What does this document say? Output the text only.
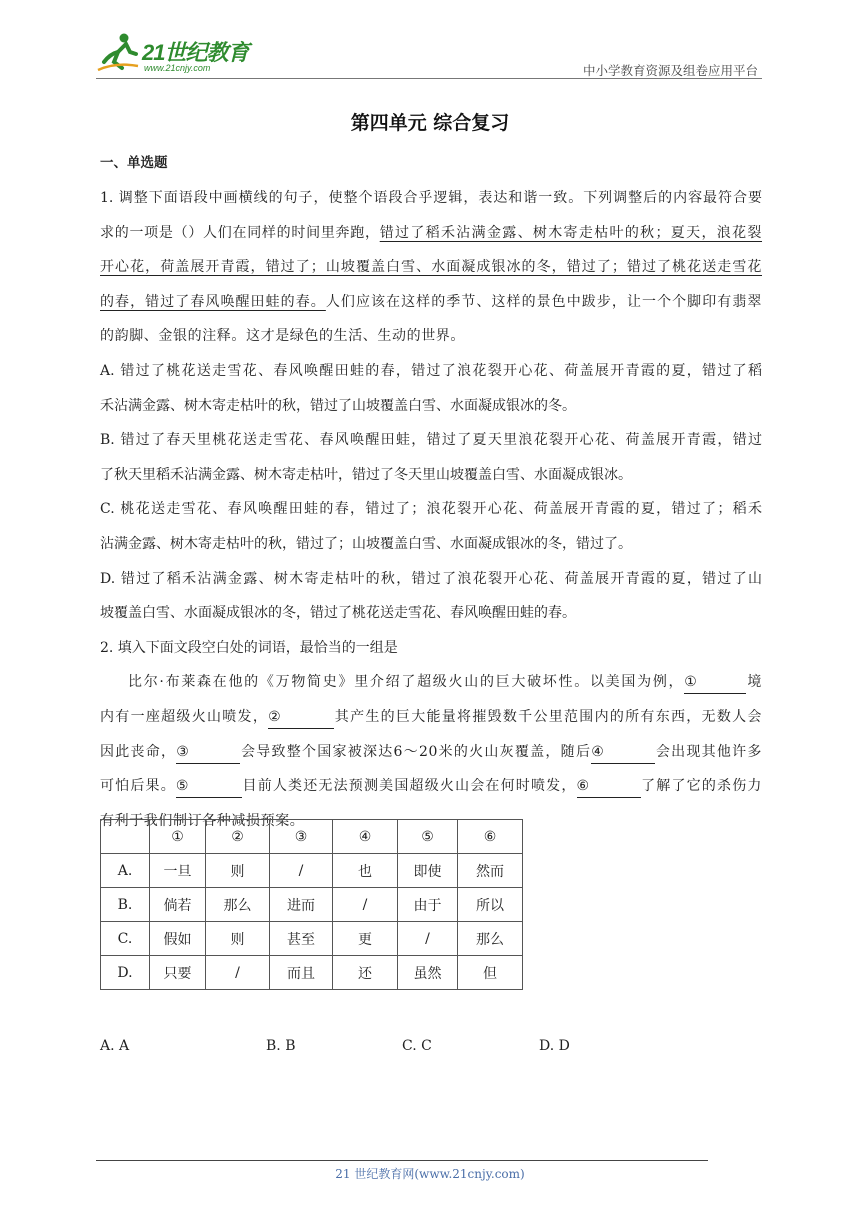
21世纪教育
www.21cnjy.com	中小学教育资源及组卷应用平台
第四单元 综合复习
一、单选题
1. 调整下面语段中画横线的句子，使整个语段合乎逻辑，表达和谐一致。下列调整后的内容最符合要
求的一项是（）人们在同样的时间里奔跑，错过了稻禾沾满金露、树木寄走枯叶的秋；夏天，浪花裂
开心花，荷盖展开青霞，错过了；山坡覆盖白雪、水面凝成银冰的冬，错过了；错过了桃花送走雪花
的春，错过了春风唤醒田蛙的春。人们应该在这样的季节、这样的景色中跋步，让一个个脚印有翡翠
的韵脚、金银的注释。这才是绿色的生活、生动的世界。
A. 错过了桃花送走雪花、春风唤醒田蛙的春，错过了浪花裂开心花、荷盖展开青霞的夏，错过了稻
禾沾满金露、树木寄走枯叶的秋，错过了山坡覆盖白雪、水面凝成银冰的冬。
B. 错过了春天里桃花送走雪花、春风唤醒田蛙，错过了夏天里浪花裂开心花、荷盖展开青霞，错过
了秋天里稻禾沾满金露、树木寄走枯叶，错过了冬天里山坡覆盖白雪、水面凝成银冰。
C. 桃花送走雪花、春风唤醒田蛙的春，错过了；浪花裂开心花、荷盖展开青霞的夏，错过了；稻禾
沾满金露、树木寄走枯叶的秋，错过了；山坡覆盖白雪、水面凝成银冰的冬，错过了。
D. 错过了稻禾沾满金露、树木寄走枯叶的秋，错过了浪花裂开心花、荷盖展开青霞的夏，错过了山
坡覆盖白雪、水面凝成银冰的冬，错过了桃花送走雪花、春风唤醒田蛙的春。
2. 填入下面文段空白处的词语，最恰当的一组是
比尔·布莱森在他的《万物简史》里介绍了超级火山的巨大破坏性。以美国为例，①	境
内有一座超级火山喷发，②	其产生的巨大能量将摧毁数千公里范围内的所有东西，无数人会
因此丧命，③	会导致整个国家被深达6～20米的火山灰覆盖，随后④	会出现其他许多
可怕后果。⑤	目前人类还无法预测美国超级火山会在何时喷发，⑥	了解了它的杀伤力
有利于我们制订各种减损预案。
	①	②	③	④	⑤	⑥
A.	一旦	则	/	也	即使	然而
B.	倘若	那么	进而	/	由于	所以
C.	假如	则	甚至	更	/	那么
D.	只要	/	而且	还	虽然	但
A. A	B. B	C. C	D. D
21 世纪教育网(www.21cnjy.com)
